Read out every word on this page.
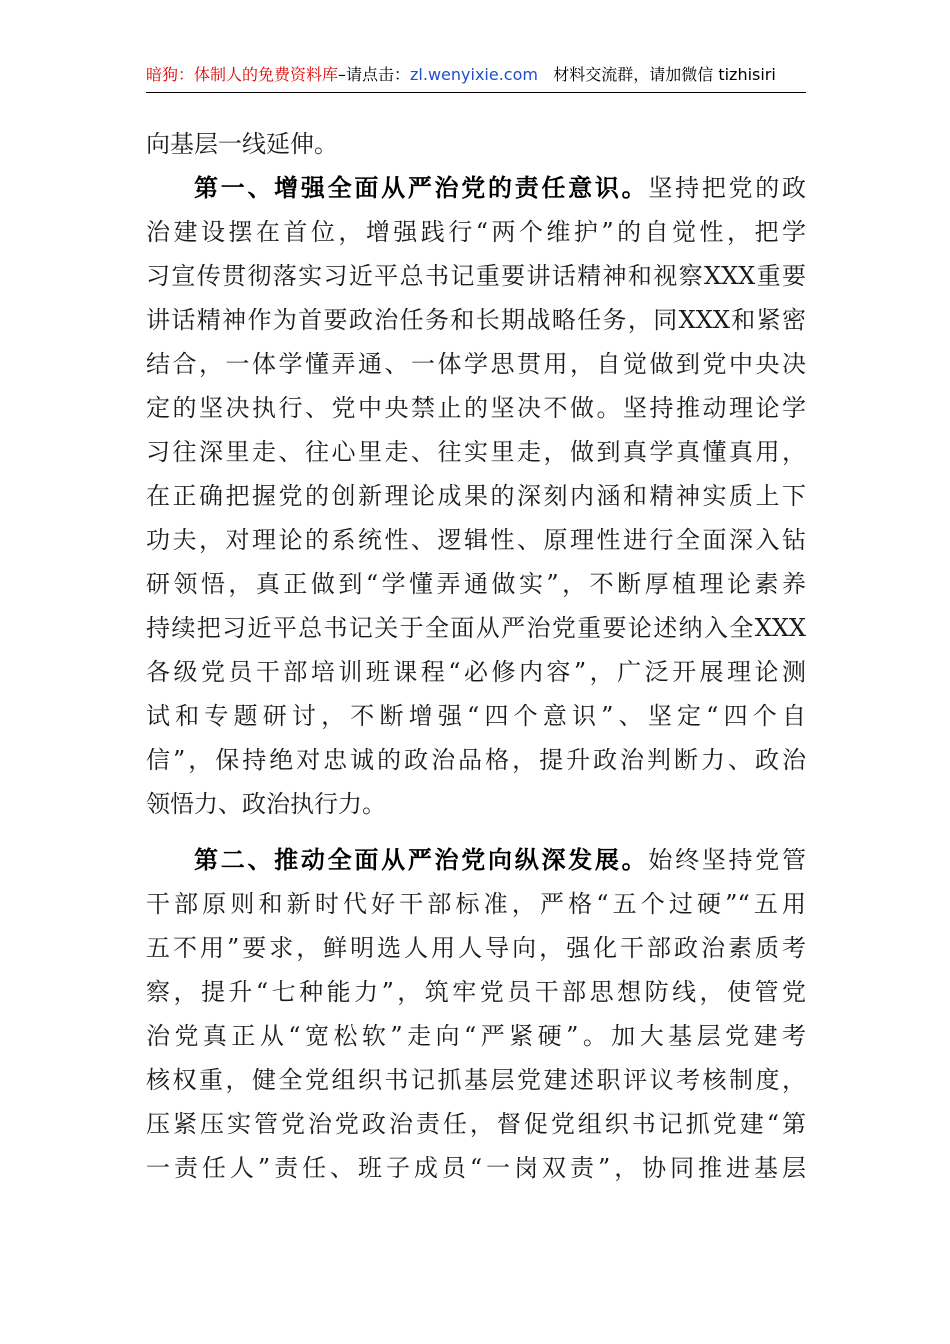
暗狗：体制人的免费资料库–请点击：zl.wenyixie.com 材料交流群，请加微信 tizhisiri
向基层一线延伸。
第一、增强全面从严治党的责任意识。坚持把党的政
治建设摆在首位，增强践行“两个维护”的自觉性，把学
习宣传贯彻落实习近平总书记重要讲话精神和视察XXX重要
讲话精神作为首要政治任务和长期战略任务，同XXX和紧密
结合，一体学懂弄通、一体学思贯用，自觉做到党中央决
定的坚决执行、党中央禁止的坚决不做。坚持推动理论学
习往深里走、往心里走、往实里走，做到真学真懂真用，
在正确把握党的创新理论成果的深刻内涵和精神实质上下
功夫，对理论的系统性、逻辑性、原理性进行全面深入钻
研领悟，真正做到“学懂弄通做实”，不断厚植理论素养
持续把习近平总书记关于全面从严治党重要论述纳入全XXX
各级党员干部培训班课程“必修内容”，广泛开展理论测
试和专题研讨，不断增强“四个意识”、坚定“四个自
信”，保持绝对忠诚的政治品格，提升政治判断力、政治
领悟力、政治执行力。
第二、推动全面从严治党向纵深发展。始终坚持党管
干部原则和新时代好干部标准，严格“五个过硬”“五用
五不用”要求，鲜明选人用人导向，强化干部政治素质考
察，提升“七种能力”，筑牢党员干部思想防线，使管党
治党真正从“宽松软”走向“严紧硬”。加大基层党建考
核权重，健全党组织书记抓基层党建述职评议考核制度，
压紧压实管党治党政治责任，督促党组织书记抓党建“第
一责任人”责任、班子成员“一岗双责”，协同推进基层
